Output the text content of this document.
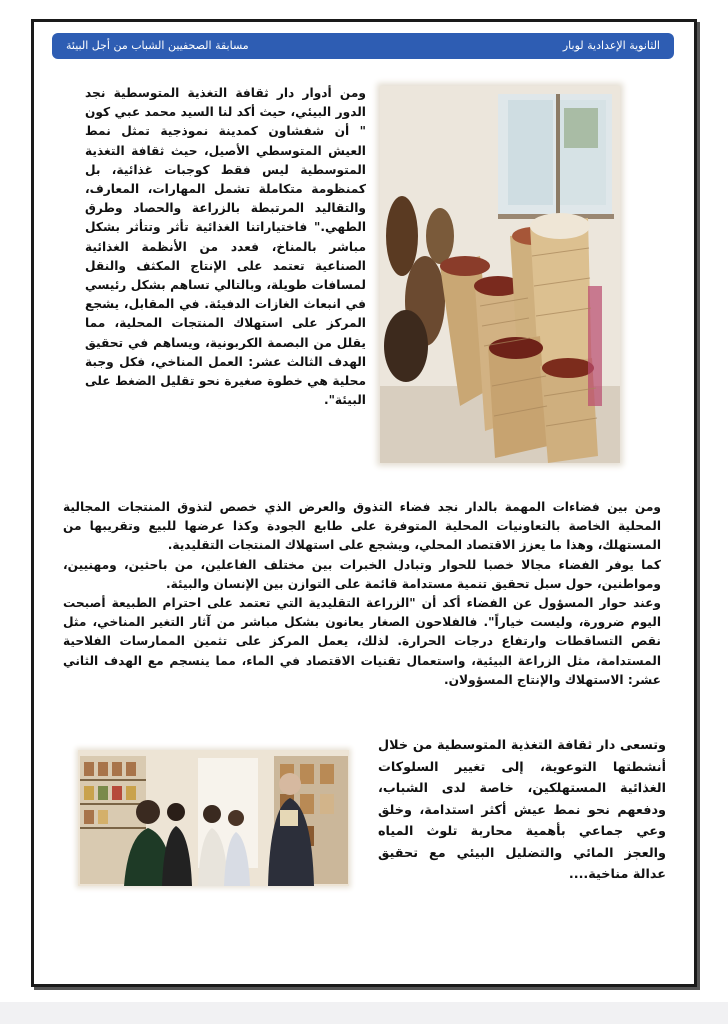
الثانوية الإعدادية لوبار
مسابقة الصحفيين الشباب من أجل البيئة

ومن أدوار دار ثقافة التغذية المتوسطية نجد الدور البيئي، حيث أكد لنا السيد محمد عبي كون " أن شفشاون كمدينة نموذجية تمثل نمط العيش المتوسطي الأصيل، حيث ثقافة التغذية المتوسطية ليس فقط كوجبات غذائية، بل كمنظومة متكاملة تشمل المهارات، المعارف، والتقاليد المرتبطة بالزراعة والحصاد وطرق الطهي." فاختياراتنا الغذائية تأثر وتتأثر بشكل مباشر بالمناخ، فعدد من الأنظمة الغذائية الصناعية تعتمد على الإنتاج المكثف والنقل لمسافات طويلة، وبالتالي تساهم بشكل رئيسي في انبعاث الغازات الدفيئة. في المقابل، يشجع المركز على استهلاك المنتجات المحلية، مما يقلل من البصمة الكربونية، ويساهم في تحقيق الهدف الثالث عشر: العمل المناخي، فكل وجبة محلية هي خطوة صغيرة نحو تقليل الضغط على البيئة".

ومن بين فضاءات المهمة بالدار نجد فضاء التذوق والعرض الذي خصص لتذوق المنتجات المجالية المحلية الخاصة بالتعاونيات المحلية المتوفرة على طابع الجودة وكذا عرضها للبيع وتقريبها من المستهلك، وهذا ما يعزز الاقتصاد المحلي، ويشجع على استهلاك المنتجات التقليدية.
كما يوفر الفضاء مجالا خصبا للحوار وتبادل الخبرات بين مختلف الفاعلين، من باحثين، ومهنيين، ومواطنين، حول سبل تحقيق تنمية مستدامة قائمة على التوازن بين الإنسان والبيئة.
وعند حوار المسؤول عن الفضاء أكد أن "الزراعة التقليدية التي تعتمد على احترام الطبيعة أصبحت اليوم ضرورة، وليست خياراً". فالفلاحون الصغار يعانون بشكل مباشر من آثار التغير المناخي، مثل نقص التساقطات وارتفاع درجات الحرارة. لذلك، يعمل المركز على تثمين الممارسات الفلاحية المستدامة، مثل الزراعة البيئية، واستعمال تقنيات الاقتصاد في الماء، مما ينسجم مع الهدف الثاني عشر: الاستهلاك والإنتاج المسؤولان.

وتسعى دار ثقافة التغذية المتوسطية من خلال أنشطتها التوعوية، إلى تغيير السلوكات الغذائية المستهلكين، خاصة لدى الشباب، ودفعهم نحو نمط عيش أكثر استدامة، وخلق وعي جماعي بأهمية محاربة تلوث المياه والعجز المائي والتضليل البيئي مع تحقيق عدالة مناخية....
